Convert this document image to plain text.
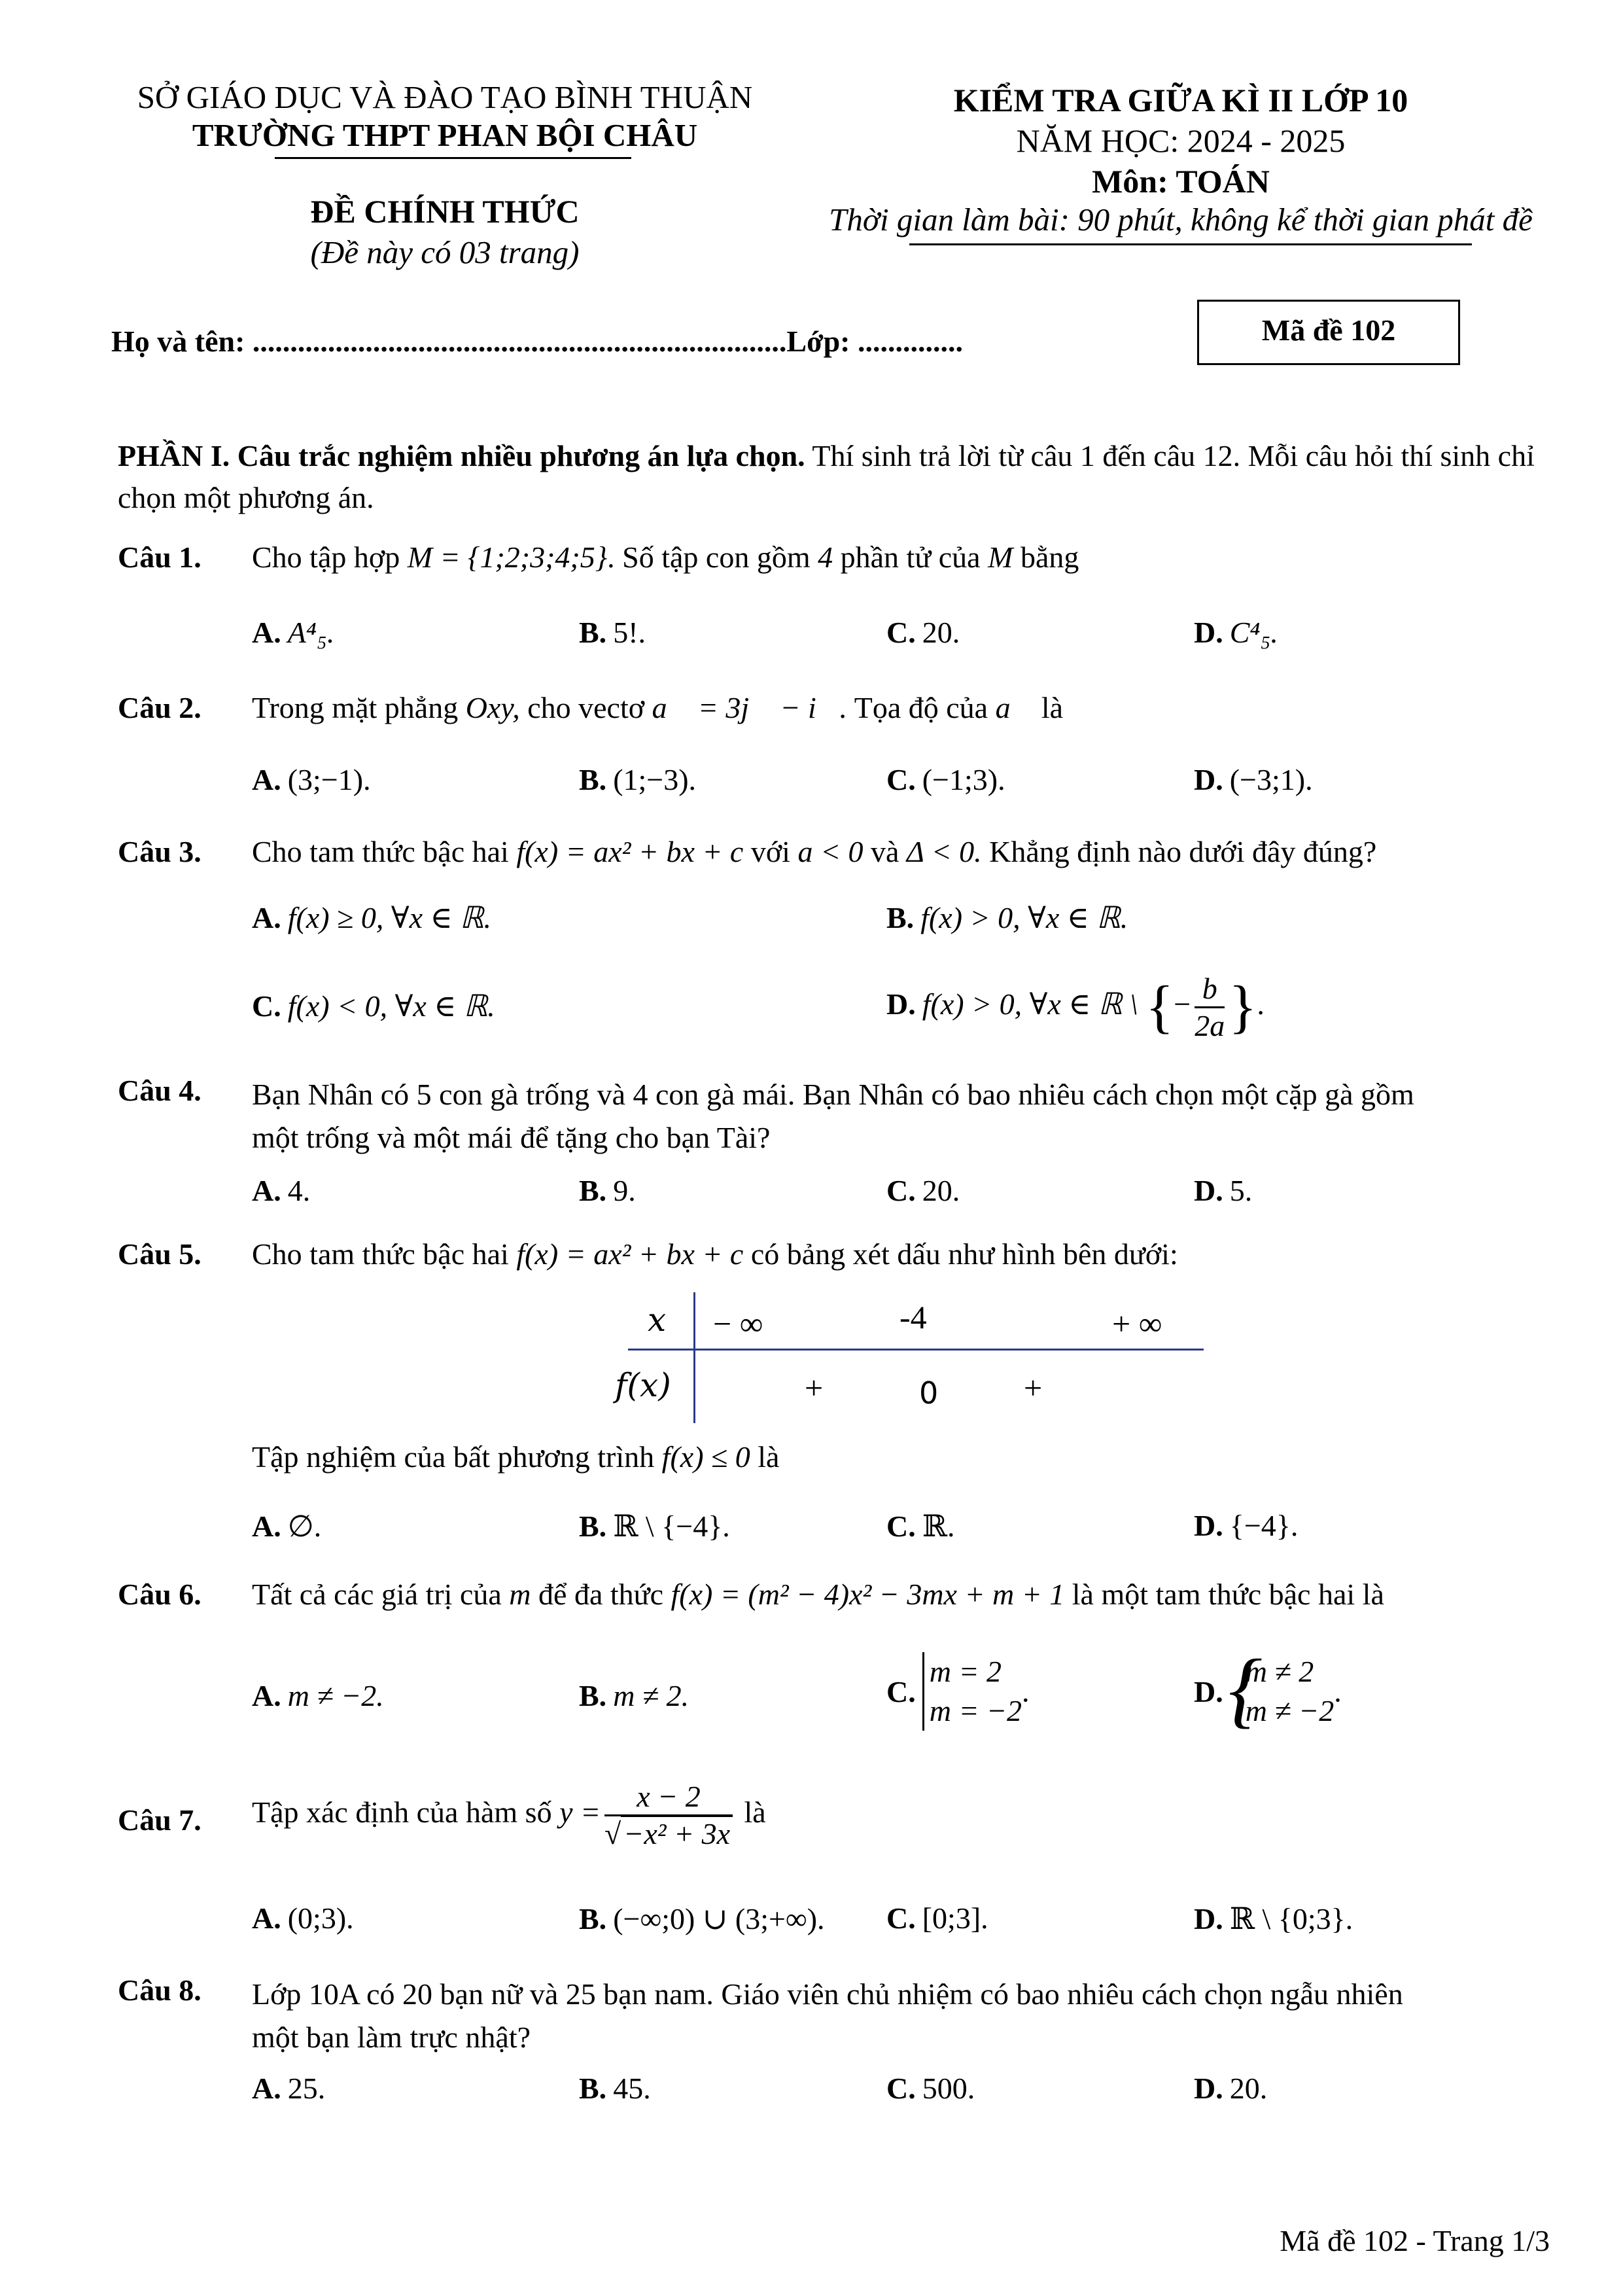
SỞ GIÁO DỤC VÀ ĐÀO TẠO BÌNH THUẬN
TRƯỜNG THPT PHAN BỘI CHÂU
ĐỀ CHÍNH THỨC
(Đề này có 03 trang)
KIỂM TRA GIỮA KÌ II LỚP 10
NĂM HỌC: 2024 - 2025
Môn: TOÁN
Thời gian làm bài: 90 phút, không kể thời gian phát đề
Họ và tên: .......................................................................Lớp: ..............	Mã đề 102
PHẦN I. Câu trắc nghiệm nhiều phương án lựa chọn. Thí sinh trả lời từ câu 1 đến câu 12. Mỗi câu hỏi thí sinh chỉ chọn một phương án.
Câu 1. Cho tập hợp M = {1;2;3;4;5}. Số tập con gồm 4 phần tử của M bằng
A. A⁴₅.	B. 5!.	C. 20.	D. C⁴₅.
Câu 2. Trong mặt phẳng Oxy, cho vectơ a⃗ = 3j⃗ − i⃗. Tọa độ của a⃗ là
A. (3;−1).	B. (1;−3).	C. (−1;3).	D. (−3;1).
Câu 3. Cho tam thức bậc hai f(x) = ax² + bx + c với a < 0 và Δ < 0. Khẳng định nào dưới đây đúng?
A. f(x) ≥ 0, ∀x ∈ ℝ.	B. f(x) > 0, ∀x ∈ ℝ.
C. f(x) < 0, ∀x ∈ ℝ.	D. f(x) > 0, ∀x ∈ ℝ \ {− $\frac{b}{2a}$ }.
Câu 4. Bạn Nhân có 5 con gà trống và 4 con gà mái. Bạn Nhân có bao nhiêu cách chọn một cặp gà gồm
một trống và một mái để tặng cho bạn Tài?
A. 4.	B. 9.	C. 20.	D. 5.
Câu 5. Cho tam thức bậc hai f(x) = ax² + bx + c có bảng xét dấu như hình bên dưới:
x − ∞	-4	+ ∞
f(x)	+	0	+
Tập nghiệm của bất phương trình f(x) ≤ 0 là
A. ∅.	B. ℝ \ {−4}.	C. ℝ.	D. {−4}.
Câu 6. Tất cả các giá trị của m để đa thức f(x) = (m² − 4)x² − 3mx + m + 1 là một tam thức bậc hai là
A. m ≠ −2.	B. m ≠ 2.	C.
m = 2
m = −2
.	D. {
m ≠ 2
m ≠ −2
.
Câu 7. Tập xác định của hàm số $y = \frac{x - 2}{\text{√−x² + 3x}}$ là
A. (0;3).	B. (−∞;0) ∪ (3;+∞). C. [0;3].	D. ℝ \ {0;3}.
Câu 8. Lớp 10A có 20 bạn nữ và 25 bạn nam. Giáo viên chủ nhiệm có bao nhiêu cách chọn ngẫu nhiên
một bạn làm trực nhật?
A. 25.	B. 45.	C. 500.	D. 20.
Mã đề 102 - Trang 1/3
